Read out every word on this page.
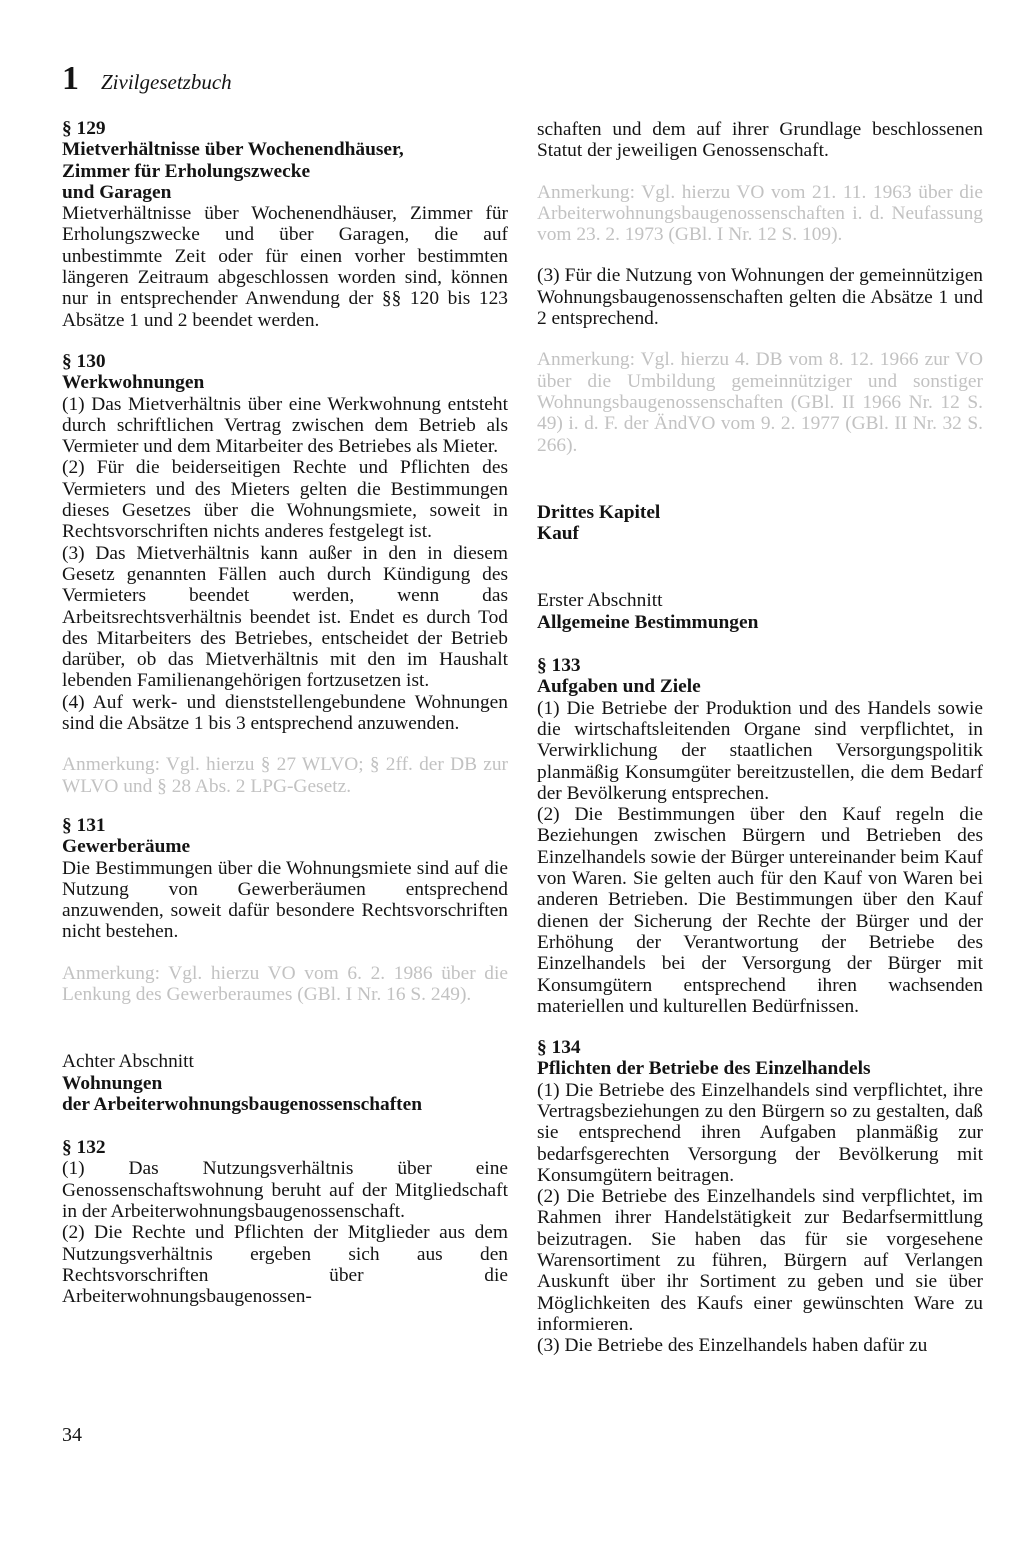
1 Zivilgesetzbuch

§ 129

Mietverhältnisse über Wochenendhäuser,

Zimmer für Erholungszwecke

und Garagen

Mietverhältnisse über Wochenendhäuser, Zimmer für Erholungszwecke und über Garagen, die auf unbestimmte Zeit oder für einen vorher bestimmten längeren Zeitraum abgeschlossen worden sind, können nur in entsprechender Anwendung der §§ 120 bis 123 Absätze 1 und 2 beendet werden.

§ 130

Werkwohnungen

(1) Das Mietverhältnis über eine Werkwohnung entsteht durch schriftlichen Vertrag zwischen dem Betrieb als Vermieter und dem Mitarbeiter des Betriebes als Mieter.

(2) Für die beiderseitigen Rechte und Pflichten des Vermieters und des Mieters gelten die Bestimmungen dieses Gesetzes über die Wohnungsmiete, soweit in Rechtsvorschriften nichts anderes festgelegt ist.

(3) Das Mietverhältnis kann außer in den in diesem Gesetz genannten Fällen auch durch Kündigung des Vermieters beendet werden, wenn das Arbeitsrechtsverhältnis beendet ist. Endet es durch Tod des Mitarbeiters des Betriebes, entscheidet der Betrieb darüber, ob das Mietverhältnis mit den im Haushalt lebenden Familienangehörigen fortzusetzen ist.

(4) Auf werk- und dienststellengebundene Wohnungen sind die Absätze 1 bis 3 entsprechend anzuwenden.

Anmerkung: Vgl. hierzu § 27 WLVO; § 2ff. der DB zur WLVO und § 28 Abs. 2 LPG-Gesetz.

§ 131

Gewerberäume

Die Bestimmungen über die Wohnungsmiete sind auf die Nutzung von Gewerberäumen entsprechend anzuwenden, soweit dafür besondere Rechtsvorschriften nicht bestehen.

Anmerkung: Vgl. hierzu VO vom 6. 2. 1986 über die Lenkung des Gewerberaumes (GBl. I Nr. 16 S. 249).

Achter Abschnitt

Wohnungen

der Arbeiterwohnungsbaugenossenschaften

§ 132

(1) Das Nutzungsverhältnis über eine Genossenschaftswohnung beruht auf der Mitgliedschaft in der Arbeiterwohnungsbaugenossenschaft.

(2) Die Rechte und Pflichten der Mitglieder aus dem Nutzungsverhältnis ergeben sich aus den Rechtsvorschriften über die Arbeiterwohnungsbaugenossen-

schaften und dem auf ihrer Grundlage beschlossenen Statut der jeweiligen Genossenschaft.

Anmerkung: Vgl. hierzu VO vom 21. 11. 1963 über die Arbeiterwohnungsbaugenossenschaften i. d. Neufassung vom 23. 2. 1973 (GBl. I Nr. 12 S. 109).

(3) Für die Nutzung von Wohnungen der gemeinnützigen Wohnungsbaugenossenschaften gelten die Absätze 1 und 2 entsprechend.

Anmerkung: Vgl. hierzu 4. DB vom 8. 12. 1966 zur VO über die Umbildung gemeinnütziger und sonstiger Wohnungsbaugenossenschaften (GBl. II 1966 Nr. 12 S. 49) i. d. F. der ÄndVO vom 9. 2. 1977 (GBl. II Nr. 32 S. 266).

Drittes Kapitel

Kauf

Erster Abschnitt

Allgemeine Bestimmungen

§ 133

Aufgaben und Ziele

(1) Die Betriebe der Produktion und des Handels sowie die wirtschaftsleitenden Organe sind verpflichtet, in Verwirklichung der staatlichen Versorgungspolitik planmäßig Konsumgüter bereitzustellen, die dem Bedarf der Bevölkerung entsprechen.

(2) Die Bestimmungen über den Kauf regeln die Beziehungen zwischen Bürgern und Betrieben des Einzelhandels sowie der Bürger untereinander beim Kauf von Waren. Sie gelten auch für den Kauf von Waren bei anderen Betrieben. Die Bestimmungen über den Kauf dienen der Sicherung der Rechte der Bürger und der Erhöhung der Verantwortung der Betriebe des Einzelhandels bei der Versorgung der Bürger mit Konsumgütern entsprechend ihren wachsenden materiellen und kulturellen Bedürfnissen.

§ 134

Pflichten der Betriebe des Einzelhandels

(1) Die Betriebe des Einzelhandels sind verpflichtet, ihre Vertragsbeziehungen zu den Bürgern so zu gestalten, daß sie entsprechend ihren Aufgaben planmäßig zur bedarfsgerechten Versorgung der Bevölkerung mit Konsumgütern beitragen.

(2) Die Betriebe des Einzelhandels sind verpflichtet, im Rahmen ihrer Handelstätigkeit zur Bedarfsermittlung beizutragen. Sie haben das für sie vorgesehene Warensortiment zu führen, Bürgern auf Verlangen Auskunft über ihr Sortiment zu geben und sie über Möglichkeiten des Kaufs einer gewünschten Ware zu informieren.

(3) Die Betriebe des Einzelhandels haben dafür zu

34
